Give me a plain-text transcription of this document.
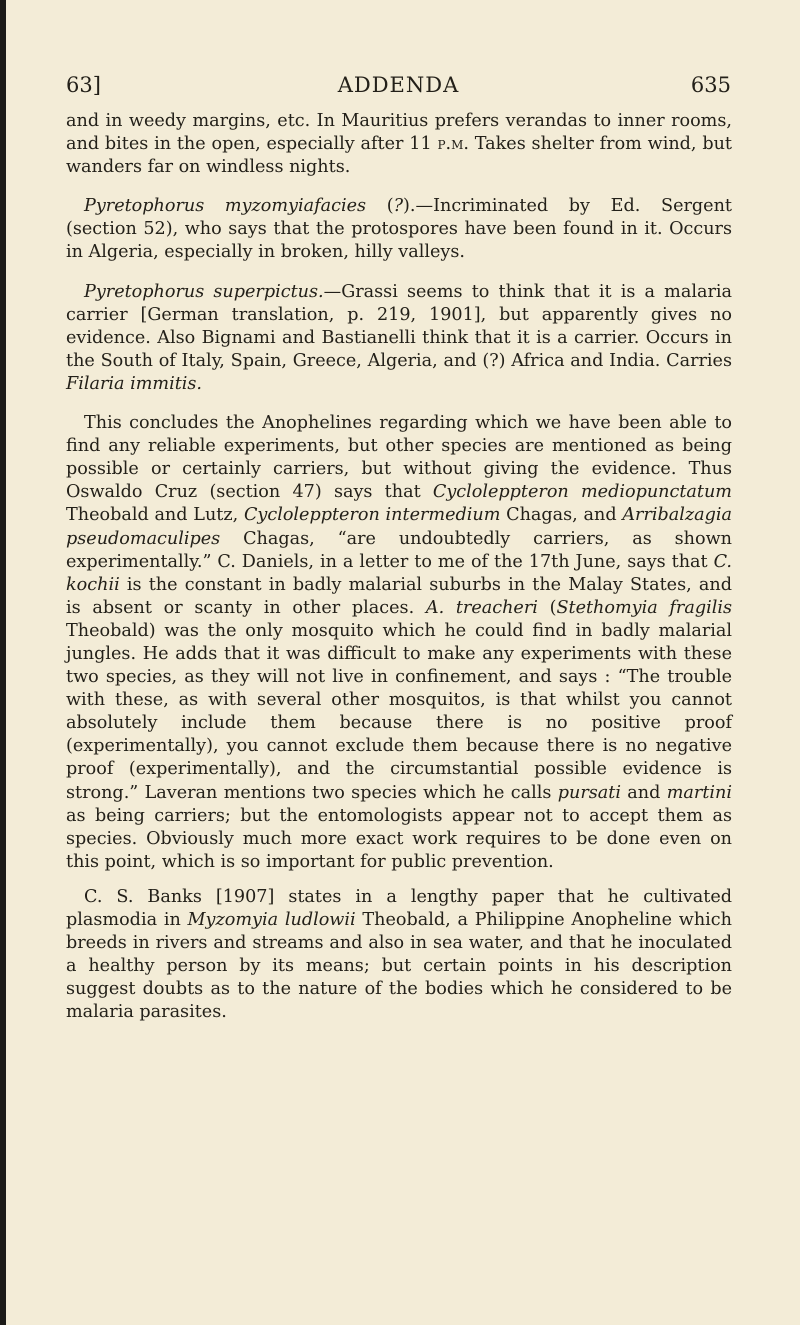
63]	ADDENDA	635

and in weedy margins, etc. In Mauritius prefers verandas to inner rooms, and bites in the open, especially after 11 p.m. Takes shelter from wind, but wanders far on windless nights.

Pyretophorus myzomyiafacies (?).—Incriminated by Ed. Sergent (section 52), who says that the protospores have been found in it. Occurs in Algeria, especially in broken, hilly valleys.

Pyretophorus superpictus.—Grassi seems to think that it is a malaria carrier [German translation, p. 219, 1901], but apparently gives no evidence. Also Bignami and Bastianelli think that it is a carrier. Occurs in the South of Italy, Spain, Greece, Algeria, and (?) Africa and India. Carries Filaria immitis.

This concludes the Anophelines regarding which we have been able to find any reliable experiments, but other species are mentioned as being possible or certainly carriers, but without giving the evidence. Thus Oswaldo Cruz (section 47) says that Cycloleppteron mediopunctatum Theobald and Lutz, Cycloleppteron intermedium Chagas, and Arribalzagia pseudomaculipes Chagas, “are undoubtedly carriers, as shown experimentally.” C. Daniels, in a letter to me of the 17th June, says that C. kochii is the constant in badly malarial suburbs in the Malay States, and is absent or scanty in other places. A. treacheri (Stethomyia fragilis Theobald) was the only mosquito which he could find in badly malarial jungles. He adds that it was difficult to make any experiments with these two species, as they will not live in confinement, and says : “The trouble with these, as with several other mosquitos, is that whilst you cannot absolutely include them because there is no positive proof (experimentally), you cannot exclude them because there is no negative proof (experimentally), and the circumstantial possible evidence is strong.” Laveran mentions two species which he calls pursati and martini as being carriers; but the entomologists appear not to accept them as species. Obviously much more exact work requires to be done even on this point, which is so important for public prevention.

C. S. Banks [1907] states in a lengthy paper that he cultivated plasmodia in Myzomyia ludlowii Theobald, a Philippine Anopheline which breeds in rivers and streams and also in sea water, and that he inoculated a healthy person by its means; but certain points in his description suggest doubts as to the nature of the bodies which he considered to be malaria parasites.
